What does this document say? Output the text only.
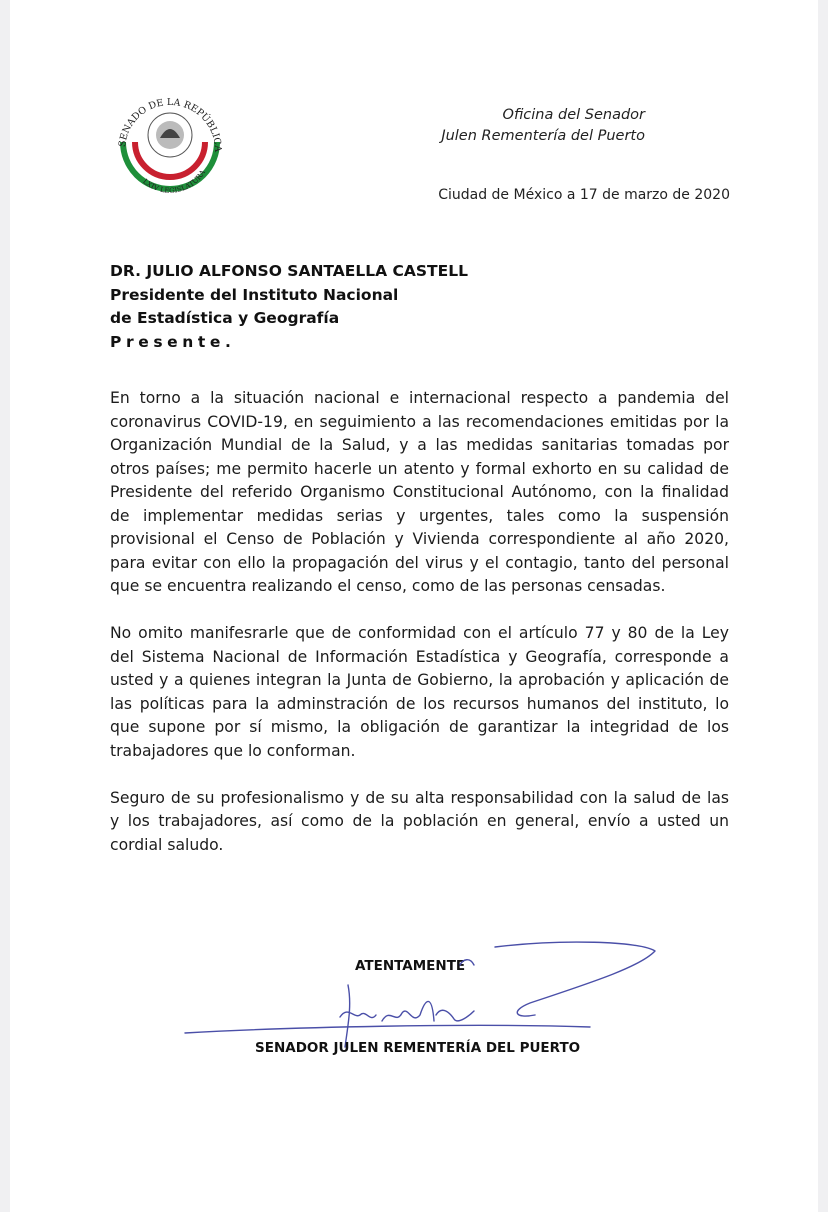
SENADO DE LA REPÚBLICA
LXIV LEGISLATURA
Oficina del Senador
Julen Rementería del Puerto
Ciudad de México a 17 de marzo de 2020
DR. JULIO ALFONSO SANTAELLA CASTELL
Presidente del Instituto Nacional
de Estadística y Geografía
Presente.

En torno a la situación nacional e internacional respecto a pandemia del coronavirus COVID-19, en seguimiento a las recomendaciones emitidas por la Organización Mundial de la Salud, y a las medidas sanitarias tomadas por otros países; me permito hacerle un atento y formal exhorto en su calidad de Presidente del referido Organismo Constitucional Autónomo, con la finalidad de implementar medidas serias y urgentes, tales como la suspensión provisional el Censo de Población y Vivienda correspondiente al año 2020, para evitar con ello la propagación del virus y el contagio, tanto del personal que se encuentra realizando el censo, como de las personas censadas.

No omito manifesrarle que de conformidad con el artículo 77 y 80 de la Ley del Sistema Nacional de Información Estadística y Geografía, corresponde a usted y a quienes integran la Junta de Gobierno, la aprobación y aplicación de las políticas para la adminstración de los recursos humanos del instituto, lo que supone por sí mismo, la obligación de garantizar la integridad de los trabajadores que lo conforman.

Seguro de su profesionalismo y de su alta responsabilidad con la salud de las y los trabajadores, así como de la población en general, envío a usted un cordial saludo.

ATENTAMENTE
SENADOR JULEN REMENTERÍA DEL PUERTO
